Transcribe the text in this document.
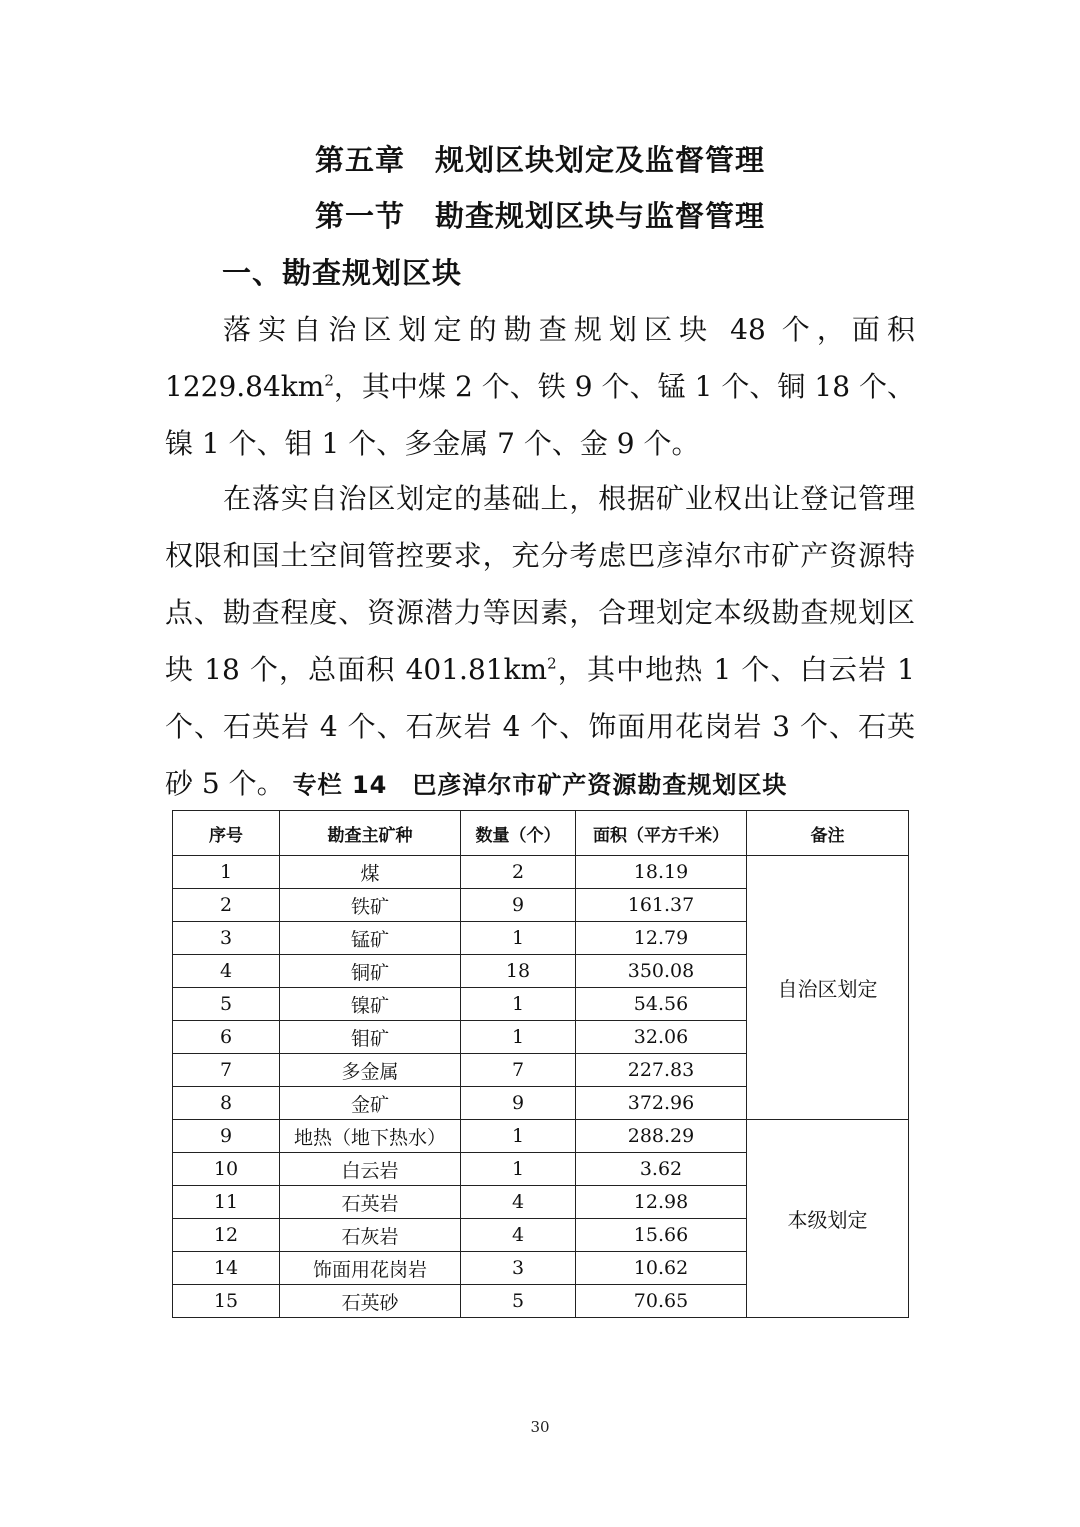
第五章　规划区块划定及监督管理
第一节　勘查规划区块与监督管理
一、勘查规划区块

落实自治区划定的勘查规划区块 48 个，面积 $1229.84km^2$，其中煤 2 个、铁 9 个、锰 1 个、铜 18 个、镍 1 个、钼 1 个、多金属 7 个、金 9 个。

在落实自治区划定的基础上，根据矿业权出让登记管理权限和国土空间管控要求，充分考虑巴彦淖尔市矿产资源特点、勘查程度、资源潜力等因素，合理划定本级勘查规划区块 18 个，总面积 $401.81km^2$，其中地热 1 个、白云岩 1 个、石英岩 4 个、石灰岩 4 个、饰面用花岗岩 3 个、石英砂 5 个。 专栏 14　巴彦淖尔市矿产资源勘查规划区块
序号	勘查主矿种	数量（个）	面积（平方千米）	备注
1	煤	2	18.19	自治区划定
2	铁矿	9	161.37	
3	锰矿	1	12.79	
4	铜矿	18	350.08	
5	镍矿	1	54.56	
6	钼矿	1	32.06	
7	多金属	7	227.83	
8	金矿	9	372.96	
9	地热（地下热水）	1	288.29	本级划定
10	白云岩	1	3.62	
11	石英岩	4	12.98	
12	石灰岩	4	15.66	
14	饰面用花岗岩	3	10.62	
15	石英砂	5	70.65	
30
